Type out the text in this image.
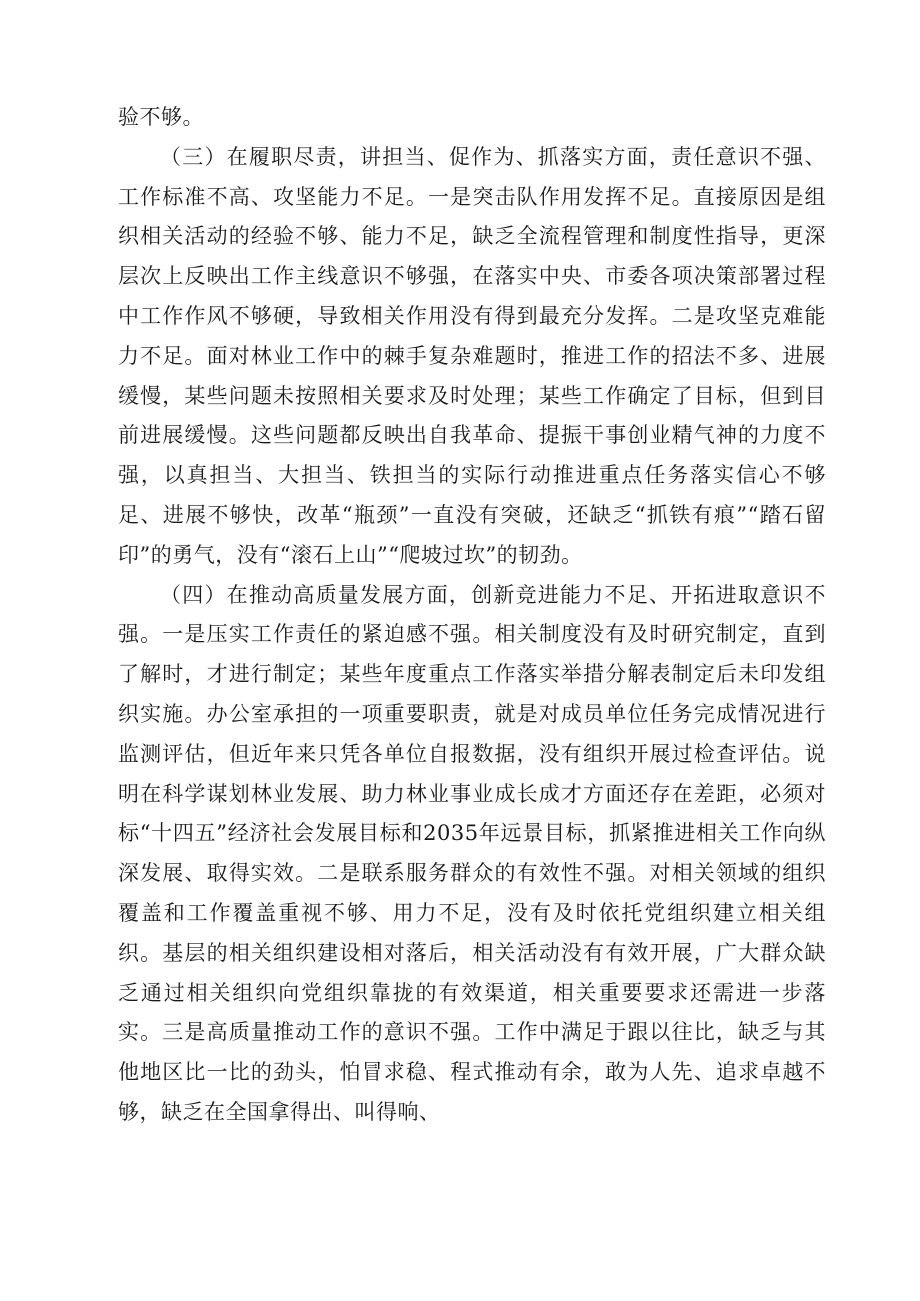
验不够。

（三）在履职尽责，讲担当、促作为、抓落实方面，责任意识不强、工作标准不高、攻坚能力不足。一是突击队作用发挥不足。直接原因是组织相关活动的经验不够、能力不足，缺乏全流程管理和制度性指导，更深层次上反映出工作主线意识不够强，在落实中央、市委各项决策部署过程中工作作风不够硬，导致相关作用没有得到最充分发挥。二是攻坚克难能力不足。面对林业工作中的棘手复杂难题时，推进工作的招法不多、进展缓慢，某些问题未按照相关要求及时处理；某些工作确定了目标，但到目前进展缓慢。这些问题都反映出自我革命、提振干事创业精气神的力度不强，以真担当、大担当、铁担当的实际行动推进重点任务落实信心不够足、进展不够快，改革“瓶颈”一直没有突破，还缺乏“抓铁有痕”“踏石留印”的勇气，没有“滚石上山”“爬坡过坎”的韧劲。

（四）在推动高质量发展方面，创新竞进能力不足、开拓进取意识不强。一是压实工作责任的紧迫感不强。相关制度没有及时研究制定，直到了解时，才进行制定；某些年度重点工作落实举措分解表制定后未印发组织实施。办公室承担的一项重要职责，就是对成员单位任务完成情况进行监测评估，但近年来只凭各单位自报数据，没有组织开展过检查评估。说明在科学谋划林业发展、助力林业事业成长成才方面还存在差距，必须对标“十四五”经济社会发展目标和2035年远景目标，抓紧推进相关工作向纵深发展、取得实效。二是联系服务群众的有效性不强。对相关领域的组织覆盖和工作覆盖重视不够、用力不足，没有及时依托党组织建立相关组织。基层的相关组织建设相对落后，相关活动没有有效开展，广大群众缺乏通过相关组织向党组织靠拢的有效渠道，相关重要要求还需进一步落实。三是高质量推动工作的意识不强。工作中满足于跟以往比，缺乏与其他地区比一比的劲头，怕冒求稳、程式推动有余，敢为人先、追求卓越不够，缺乏在全国拿得出、叫得响、
